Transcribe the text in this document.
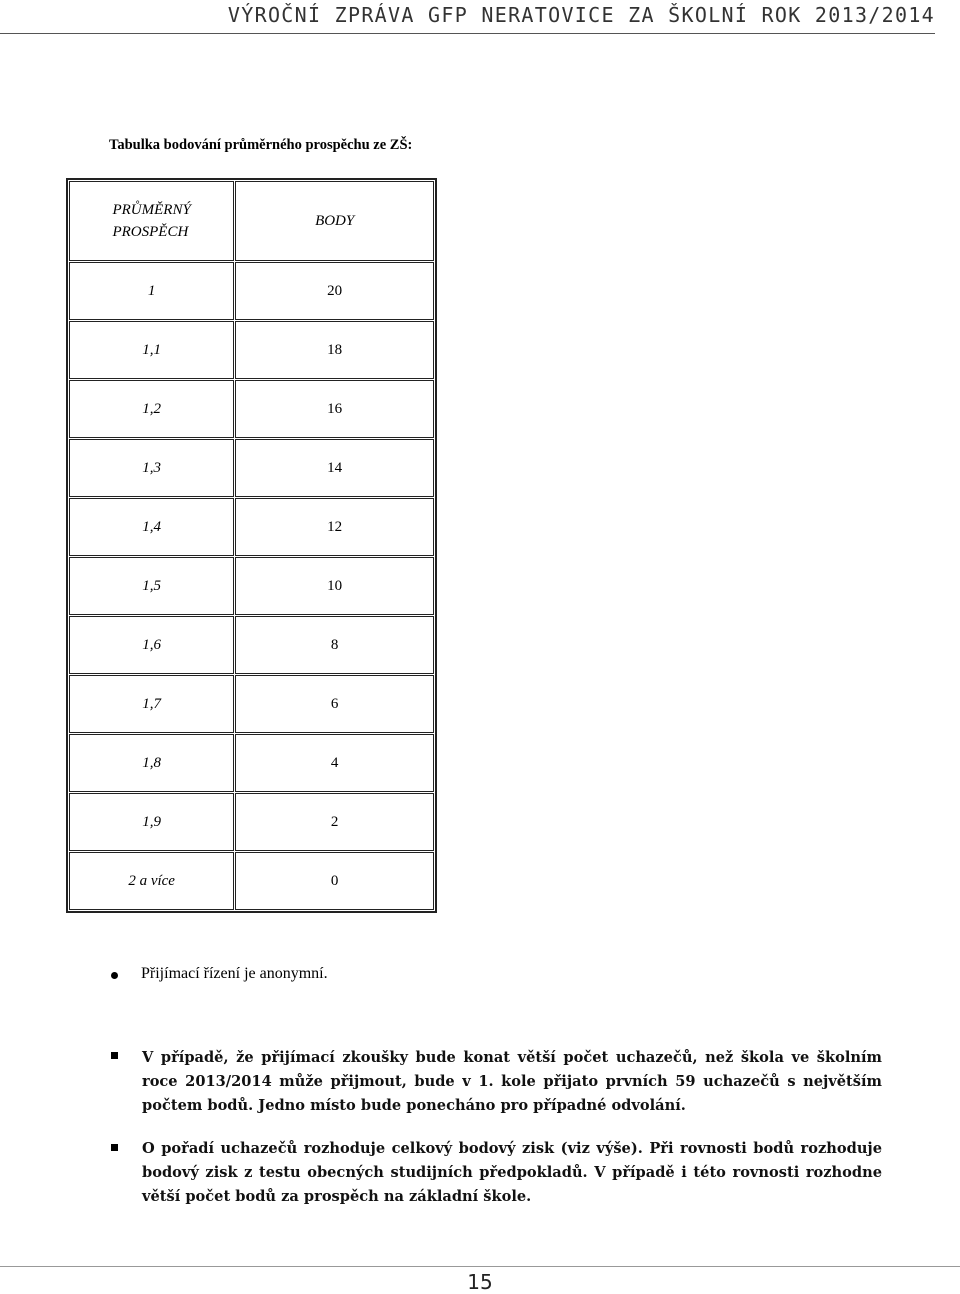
VÝROČNÍ ZPRÁVA GFP NERATOVICE ZA ŠKOLNÍ ROK 2013/2014
Tabulka bodování průměrného prospěchu ze ZŠ:
PRŮMĚRNÝ
PROSPĚCH	BODY
1	20
1,1	18
1,2	16
1,3	14
1,4	12
1,5	10
1,6	8
1,7	6
1,8	4
1,9	2
2 a více	0
Přijímací řízení je anonymní.
V případě, že přijímací zkoušky bude konat větší počet uchazečů, než škola ve školním roce 2013/2014 může přijmout, bude v 1. kole přijato prvních 59 uchazečů s největším počtem bodů. Jedno místo bude ponecháno pro případné odvolání.
O pořadí uchazečů rozhoduje celkový bodový zisk (viz výše). Při rovnosti bodů rozhoduje bodový zisk z testu obecných studijních předpokladů. V případě i této rovnosti rozhodne větší počet bodů za prospěch na základní škole.
15
